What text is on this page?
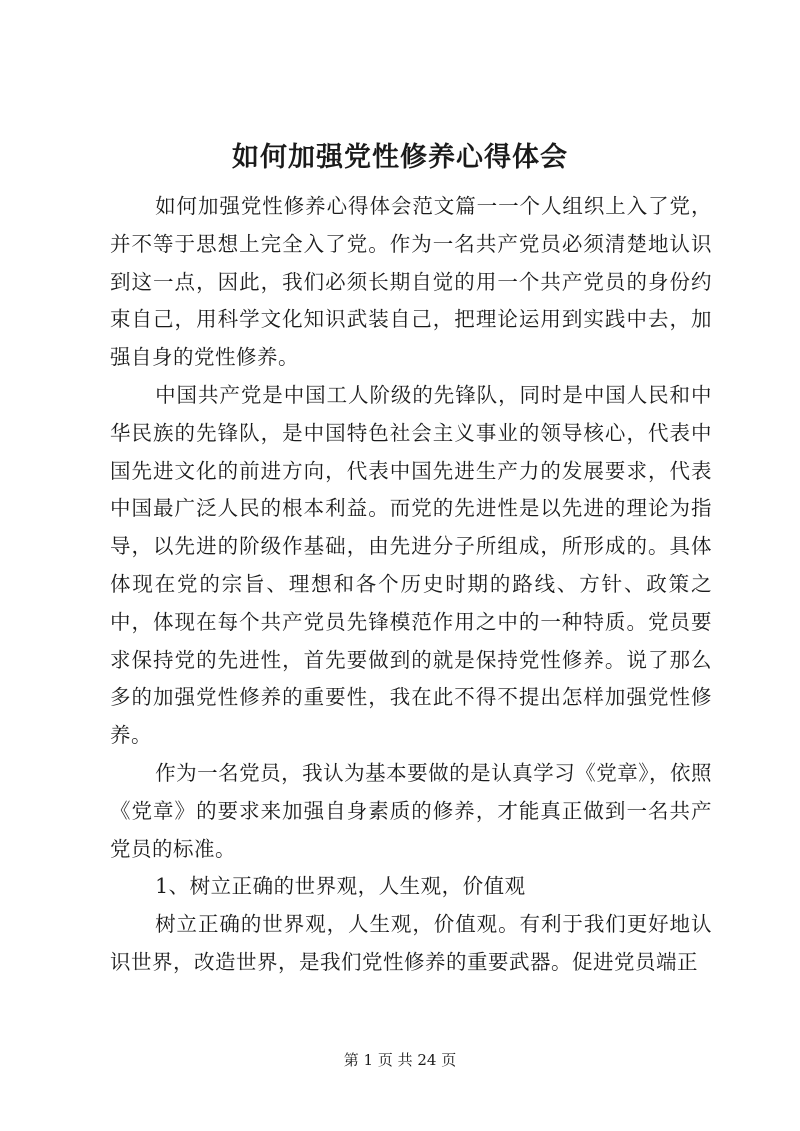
如何加强党性修养心得体会

如何加强党性修养心得体会范文篇一一个人组织上入了党，并不等于思想上完全入了党。作为一名共产党员必须清楚地认识到这一点，因此，我们必须长期自觉的用一个共产党员的身份约束自己，用科学文化知识武装自己，把理论运用到实践中去，加强自身的党性修养。

中国共产党是中国工人阶级的先锋队，同时是中国人民和中华民族的先锋队，是中国特色社会主义事业的领导核心，代表中国先进文化的前进方向，代表中国先进生产力的发展要求，代表中国最广泛人民的根本利益。而党的先进性是以先进的理论为指导，以先进的阶级作基础，由先进分子所组成，所形成的。具体体现在党的宗旨、理想和各个历史时期的路线、方针、政策之中，体现在每个共产党员先锋模范作用之中的一种特质。党员要求保持党的先进性，首先要做到的就是保持党性修养。说了那么多的加强党性修养的重要性，我在此不得不提出怎样加强党性修养。

作为一名党员，我认为基本要做的是认真学习《党章》，依照《党章》的要求来加强自身素质的修养，才能真正做到一名共产党员的标准。

1、树立正确的世界观，人生观，价值观

树立正确的世界观，人生观，价值观。有利于我们更好地认识世界，改造世界，是我们党性修养的重要武器。促进党员端正

第 1 页 共 24 页
